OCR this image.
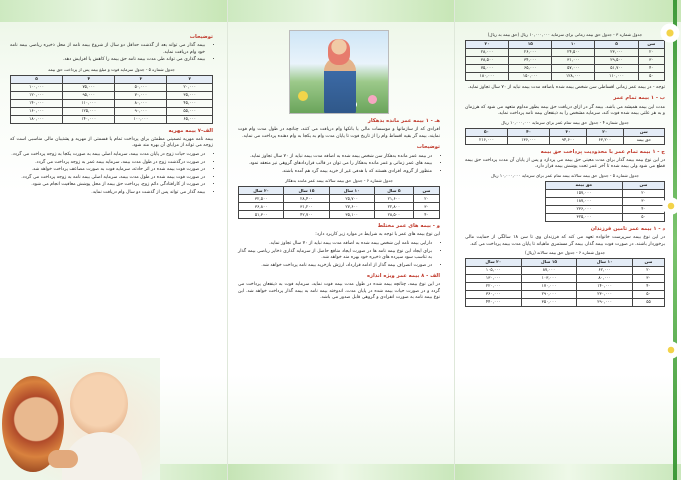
توضیحات
• بیمه گذار می تواند بعد از گذشت حداقل دو سال از شروع بیمه نامه از محل ذخیره ریاضی بیمه نامه خود وام دریافت نماید.
• بیمه گذاری می تواند طی مدت بیمه نامه حق بیمه را کاهش یا افزایش دهد.
جدول شماره ۵ - جدول سرمایه فوت و مبلغ بیمه پس از پرداخت حق بیمه
۲	۳	۴	۵
۲۰,۰۰۰	۵۰,۰۰۰	۷۵,۰۰۰	۱۰۰,۰۰۰
۳۵,۰۰۰	۷۰,۰۰۰	۹۵,۰۰۰	۱۲۰,۰۰۰
۴۵,۰۰۰	۸۰,۰۰۰	۱۱۰,۰۰۰	۱۴۰,۰۰۰
۵۵,۰۰۰	۹۰,۰۰۰	۱۲۵,۰۰۰	۱۶۰,۰۰۰
۶۵,۰۰۰	۱۰۰,۰۰۰	۱۴۰,۰۰۰	۱۸۰,۰۰۰
الف-۷ بیمه مهریه

بیمه نامه مهریه تضمینی مطمئن برای پرداخت تمام یا قسمتی از مهریه و پشتیبان مالی مناسبی است که زوجه می تواند از مزایای آن بهره مند شود.

• در صورت حیات زوج در پایان مدت بیمه، سرمایه اصلی بیمه به صورت یکجا به زوجه پرداخت می گردد.
• در صورت درگذشت زوج در طول مدت بیمه، سرمایه بیمه عمر به زوجه پرداخت می گردد.
• در صورت فوت بیمه شده در اثر حادثه، سرمایه فوت به صورت مضاعف پرداخت خواهد شد.
• در صورت فوت بیمه شده در طول مدت بیمه، سرمایه اصلی بیمه نامه به زوجه پرداخت می گردد.
• در صورت از کارافتادگی دائم زوج، پرداخت حق بیمه از محل پوشش معافیت انجام می شود.
• بیمه گذار می تواند پس از گذشت دو سال وام دریافت نماید.
هـ - ۱ بیمه عمر مانده بدهکار

افرادی که از سازمانها و موسسات مالی یا بانکها وام دریافت می کنند، چنانچه در طول مدت وام فوت نمایند، بیمه گر بقیه اقساط وام را از تاریخ فوت تا پایان مدت وام به یکجا به وام دهنده پرداخت می نماید.

توضیحات
• در بیمه عمر مانده بدهکار سن شخص بیمه شده به اضافه مدت بیمه نباید از ۷۰ سال تجاوز نماید.
• بیمه های عمر زمانی و عمر مانده بدهکار را می توان در قالب قراردادهای گروهی نیز منعقد نمود.
• منظور از گروه، افرادی هستند که با هدفی غیر از خرید بیمه گرد هم آمده باشند.
جدول شماره ۶ - جدول حق بیمه سالانه بیمه عمر مانده بدهکار
سن	۵ سال	۱۰ سال	۱۵ سال	۲۰ سال
۲۰	۲۱,۶۰۰	۲۵,۷۰۰	۲۸,۴۰۰	۳۲,۵۰۰
۳۰	۲۲,۸۰۰	۲۷,۶۰۰	۳۱,۲۰۰	۳۶,۸۰۰
۴۰	۲۸,۵۰۰	۳۵,۱۰۰	۴۲,۷۰۰	۵۱,۳۰۰
و - بیمه های عمر مختلط

این نوع بیمه های عمر با توجه به شرایط در موارد زیر کاربرد دارد:

• دارایی بیمه نامه این شخص بیمه شده به اضافه مدت بیمه نباید از ۷۰ سال تجاوز نماید.
• برای ایجاد این نوع بیمه نامه ها در صورت ایجاد منافع حاصل از سرمایه گذاری ذخایر ریاضی بیمه گذار به تناسب سود سپرده های ذخیره خود بهره مند خواهد شد.
• در صورت انصراف بیمه گذار از ادامه قرارداد، ارزش بازخرید بیمه نامه پرداخت خواهد شد.
الف - ۸ بیمه عمر ویژه اندازه

در این نوع بیمه، چنانچه بیمه شده در طول مدت بیمه فوت نماید، سرمایه فوت به ذینفعان پرداخت می گردد و در صورت حیات بیمه شده در پایان مدت، اندوخته بیمه نامه به بیمه گذار پرداخت خواهد شد. این نوع بیمه نامه به صورت انفرادی و گروهی قابل صدور می باشد.

جدول شماره ۳ - جدول حق بیمه زمانی برای سرمایه ۱۰,۰۰۰,۰۰۰ ریال (حق بیمه به ریال)
سن	۵	۱۰	۱۵	۲۰
۲۰	۲۳,۰۰۰	۲۴,۵۰۰	۲۶,۰۰۰	۲۸,۰۰۰
۳۰	۲۹,۵۰۰	۳۱,۰۰۰	۳۴,۰۰۰	۳۸,۵۰۰
۴۰	۵۱,۷۰۰	۵۷,۰۰۰	۶۵,۰۰۰	۷۵,۰۰۰
۵۰	۱۱۰,۰۰۰	۱۲۸,۰۰۰	۱۵۰,۰۰۰	۱۸۰,۰۰۰

توجه - در بیمه عمر زمانی اقساطی سن شخص بیمه شده باضافه مدت بیمه نباید از ۷۰ سال تجاوز نماید.

ب - ۱ بیمه تمام عمر

مدت این بیمه همیشه می باشد. بیمه گر در ازای دریافت حق بیمه بطور مداوم متعهد می شود که هرزمان و به هر علتی بیمه شده فوت کند، سرمایه مشخص را به ذینفعان بیمه نامه پرداخت نماید.

جدول شماره ۴ - جدول حق بیمه تمام عمر برای سرمایه ۱۰,۰۰۰,۰۰۰ ریال
سن	۲۰	۳۰	۴۰	۵۰
حق بیمه	۶۳,۲۰۰	۹۴,۶۰۰	۱۳۶,۰۰۰	۲۱۶,۰۰۰
ج - ۱ بیمه تمام عمر با محدودیت پرداخت حق بیمه

در این نوع بیمه بیمه گذار برای مدت معینی حق بیمه می پردازد و پس از پایان آن مدت پرداخت حق بیمه قطع می شود ولی بیمه شده تا آخر عمر تحت پوشش بیمه قرار دارد.

جدول شماره ۵ - جدول حق بیمه سالانه بیمه تمام عمر برای سرمایه ۱۰,۰۰۰,۰۰۰ ریال
سن	حق بیمه
۲۰	۱۵۷,۰۰۰
۳۰	۱۸۷,۰۰۰
۴۰	۲۳۶,۰۰۰
۵۰	۳۲۵,۰۰۰
د - ۱ بیمه عمر تامین فرزندان

در این نوع بیمه سرپرست خانواده تعهد می کند که فرزندان وی تا سن ۱۸ سالگی از حمایت مالی برخوردار باشند. در صورت فوت بیمه گذار، بیمه گر مستمری ماهیانه تا پایان مدت بیمه پرداخت می کند.

جدول شماره ۶ - جدول حق بیمه سالانه (ریال)
سن	۱۰ سال	۱۵ سال	۲۰ سال
۲۰	۶۲,۰۰۰	۸۷,۰۰۰	۱۰۵,۰۰۰
۳۰	۸۰,۰۰۰	۱۰۳,۰۰۰	۱۳۰,۰۰۰
۴۰	۱۴۰,۰۰۰	۱۷۰,۰۰۰	۲۲۰,۰۰۰
۵۰	۲۳۰,۰۰۰	۲۹۰,۰۰۰	۳۶۰,۰۰۰
۵۵	۲۹۰,۰۰۰	۳۵۰,۰۰۰	۴۴۰,۰۰۰
